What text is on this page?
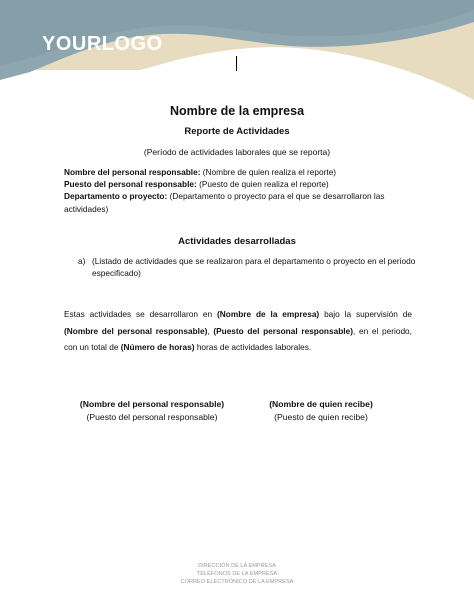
YOURLOGO
Nombre de la empresa
Reporte de Actividades
(Período de actividades laborales que se reporta)
Nombre del personal responsable: (Nombre de quien realiza el reporte)
Puesto del personal responsable: (Puesto de quien realiza el reporte)
Departamento o proyecto: (Departamento o proyecto para el que se desarrollaron las actividades)
Actividades desarrolladas
a) (Listado de actividades que se realizaron para el departamento o proyecto en el periodo especificado)
Estas actividades se desarrollaron en (Nombre de la empresa) bajo la supervisión de (Nombre del personal responsable), (Puesto del personal responsable), en el periodo, con un total de (Número de horas) horas de actividades laborales.
(Nombre del personal responsable)
(Puesto del personal responsable)
(Nombre de quien recibe)
(Puesto de quien recibe)
DIRECCIÓN DE LA EMPRESA
TELÉFONOS DE LA EMPRESA
CORREO ELECTRÓNICO DE LA EMPRESA
